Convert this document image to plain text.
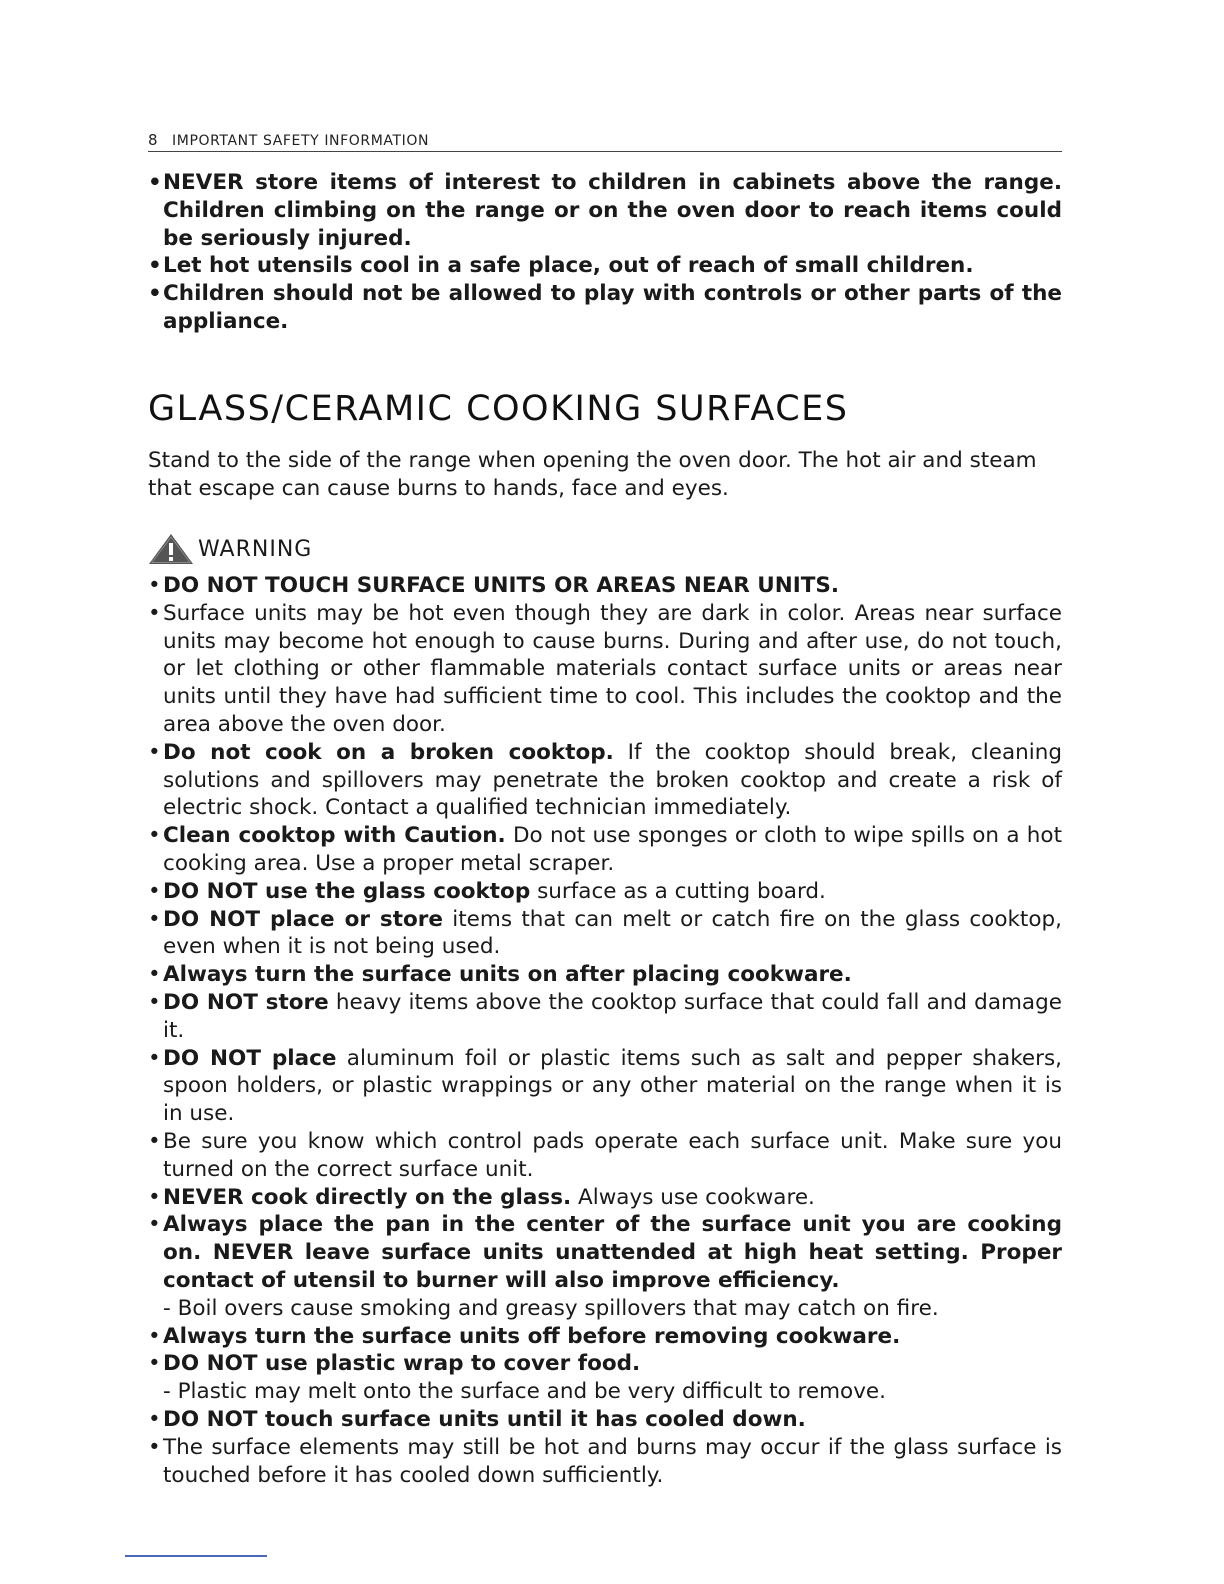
8 IMPORTANT SAFETY INFORMATION
• NEVER store items of interest to children in cabinets above the range. Children climbing on the range or on the oven door to reach items could be seriously injured.
• Let hot utensils cool in a safe place, out of reach of small children.
• Children should not be allowed to play with controls or other parts of the appliance.
GLASS/CERAMIC COOKING SURFACES

Stand to the side of the range when opening the oven door. The hot air and steam that escape can cause burns to hands, face and eyes.

WARNING
• DO NOT TOUCH SURFACE UNITS OR AREAS NEAR UNITS.
• Surface units may be hot even though they are dark in color. Areas near surface units may become hot enough to cause burns. During and after use, do not touch, or let clothing or other flammable materials contact surface units or areas near units until they have had sufficient time to cool. This includes the cooktop and the area above the oven door.
• Do not cook on a broken cooktop. If the cooktop should break, cleaning solutions and spillovers may penetrate the broken cooktop and create a risk of electric shock. Contact a qualified technician immediately.
• Clean cooktop with Caution. Do not use sponges or cloth to wipe spills on a hot cooking area. Use a proper metal scraper.
• DO NOT use the glass cooktop surface as a cutting board.
• DO NOT place or store items that can melt or catch fire on the glass cooktop, even when it is not being used.
• Always turn the surface units on after placing cookware.
• DO NOT store heavy items above the cooktop surface that could fall and damage it.
• DO NOT place aluminum foil or plastic items such as salt and pepper shakers, spoon holders, or plastic wrappings or any other material on the range when it is in use.
• Be sure you know which control pads operate each surface unit. Make sure you turned on the correct surface unit.
• NEVER cook directly on the glass. Always use cookware.
• Always place the pan in the center of the surface unit you are cooking on. NEVER leave surface units unattended at high heat setting. Proper contact of utensil to burner will also improve efficiency.
- Boil overs cause smoking and greasy spillovers that may catch on fire.
• Always turn the surface units off before removing cookware.
• DO NOT use plastic wrap to cover food.
- Plastic may melt onto the surface and be very difficult to remove.
• DO NOT touch surface units until it has cooled down.
• The surface elements may still be hot and burns may occur if the glass surface is touched before it has cooled down sufficiently.
